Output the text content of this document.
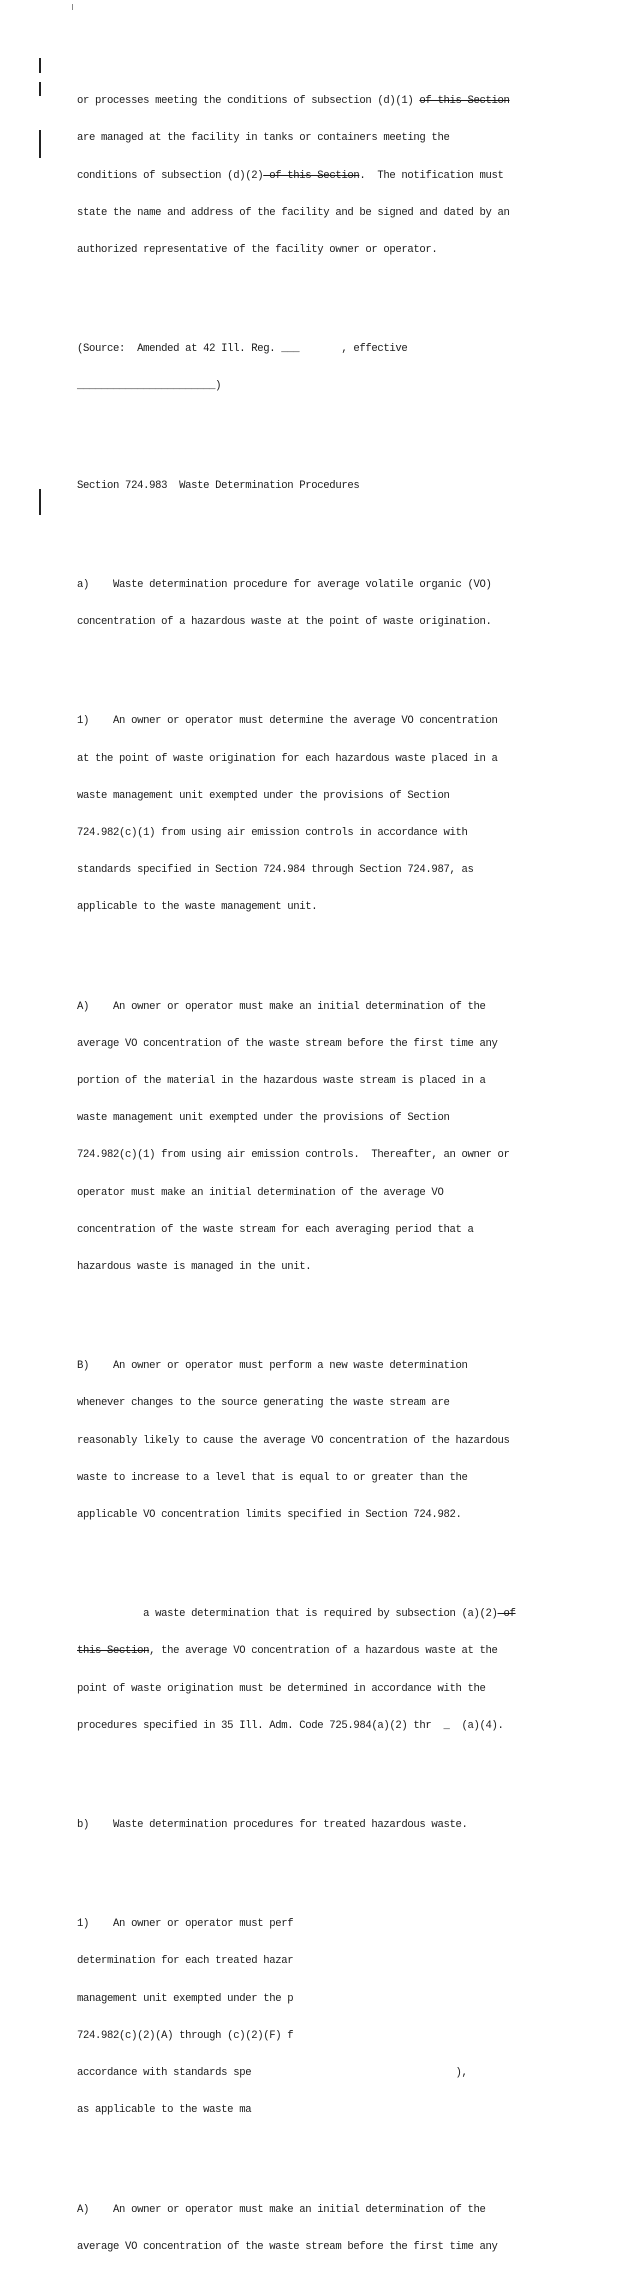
or processes meeting the conditions of subsection (d)(1) of this Section

are managed at the facility in tanks or containers meeting the

conditions of subsection (d)(2) of this Section.  The notification must

state the name and address of the facility and be signed and dated by an

authorized representative of the facility owner or operator.

(Source:  Amended at 42 Ill. Reg. ___       , effective

_______________________)

Section 724.983  Waste Determination Procedures

a)    Waste determination procedure for average volatile organic (VO)

concentration of a hazardous waste at the point of waste origination.

1)    An owner or operator must determine the average VO concentration

at the point of waste origination for each hazardous waste placed in a

waste management unit exempted under the provisions of Section

724.982(c)(1) from using air emission controls in accordance with

standards specified in Section 724.984 through Section 724.987, as

applicable to the waste management unit.

A)    An owner or operator must make an initial determination of the

average VO concentration of the waste stream before the first time any

portion of the material in the hazardous waste stream is placed in a

waste management unit exempted under the provisions of Section

724.982(c)(1) from using air emission controls.  Thereafter, an owner or

operator must make an initial determination of the average VO

concentration of the waste stream for each averaging period that a

hazardous waste is managed in the unit.

B)    An owner or operator must perform a new waste determination

whenever changes to the source generating the waste stream are

reasonably likely to cause the average VO concentration of the hazardous

waste to increase to a level that is equal to or greater than the

applicable VO concentration limits specified in Section 724.982.

a waste determination that is required by subsection (a)(2) of

this Section, the average VO concentration of a hazardous waste at the

point of waste origination must be determined in accordance with the

procedures specified in 35 Ill. Adm. Code 725.984(a)(2) thr  _  (a)(4).

b)    Waste determination procedures for treated hazardous waste.

1)    An owner or operator must perf

determination for each treated hazar

management unit exempted under the p

724.982(c)(2)(A) through (c)(2)(F) f

accordance with standards spe                                  ),

as applicable to the waste ma

A)    An owner or operator must make an initial determination of the

average VO concentration of the waste stream before the first time any
